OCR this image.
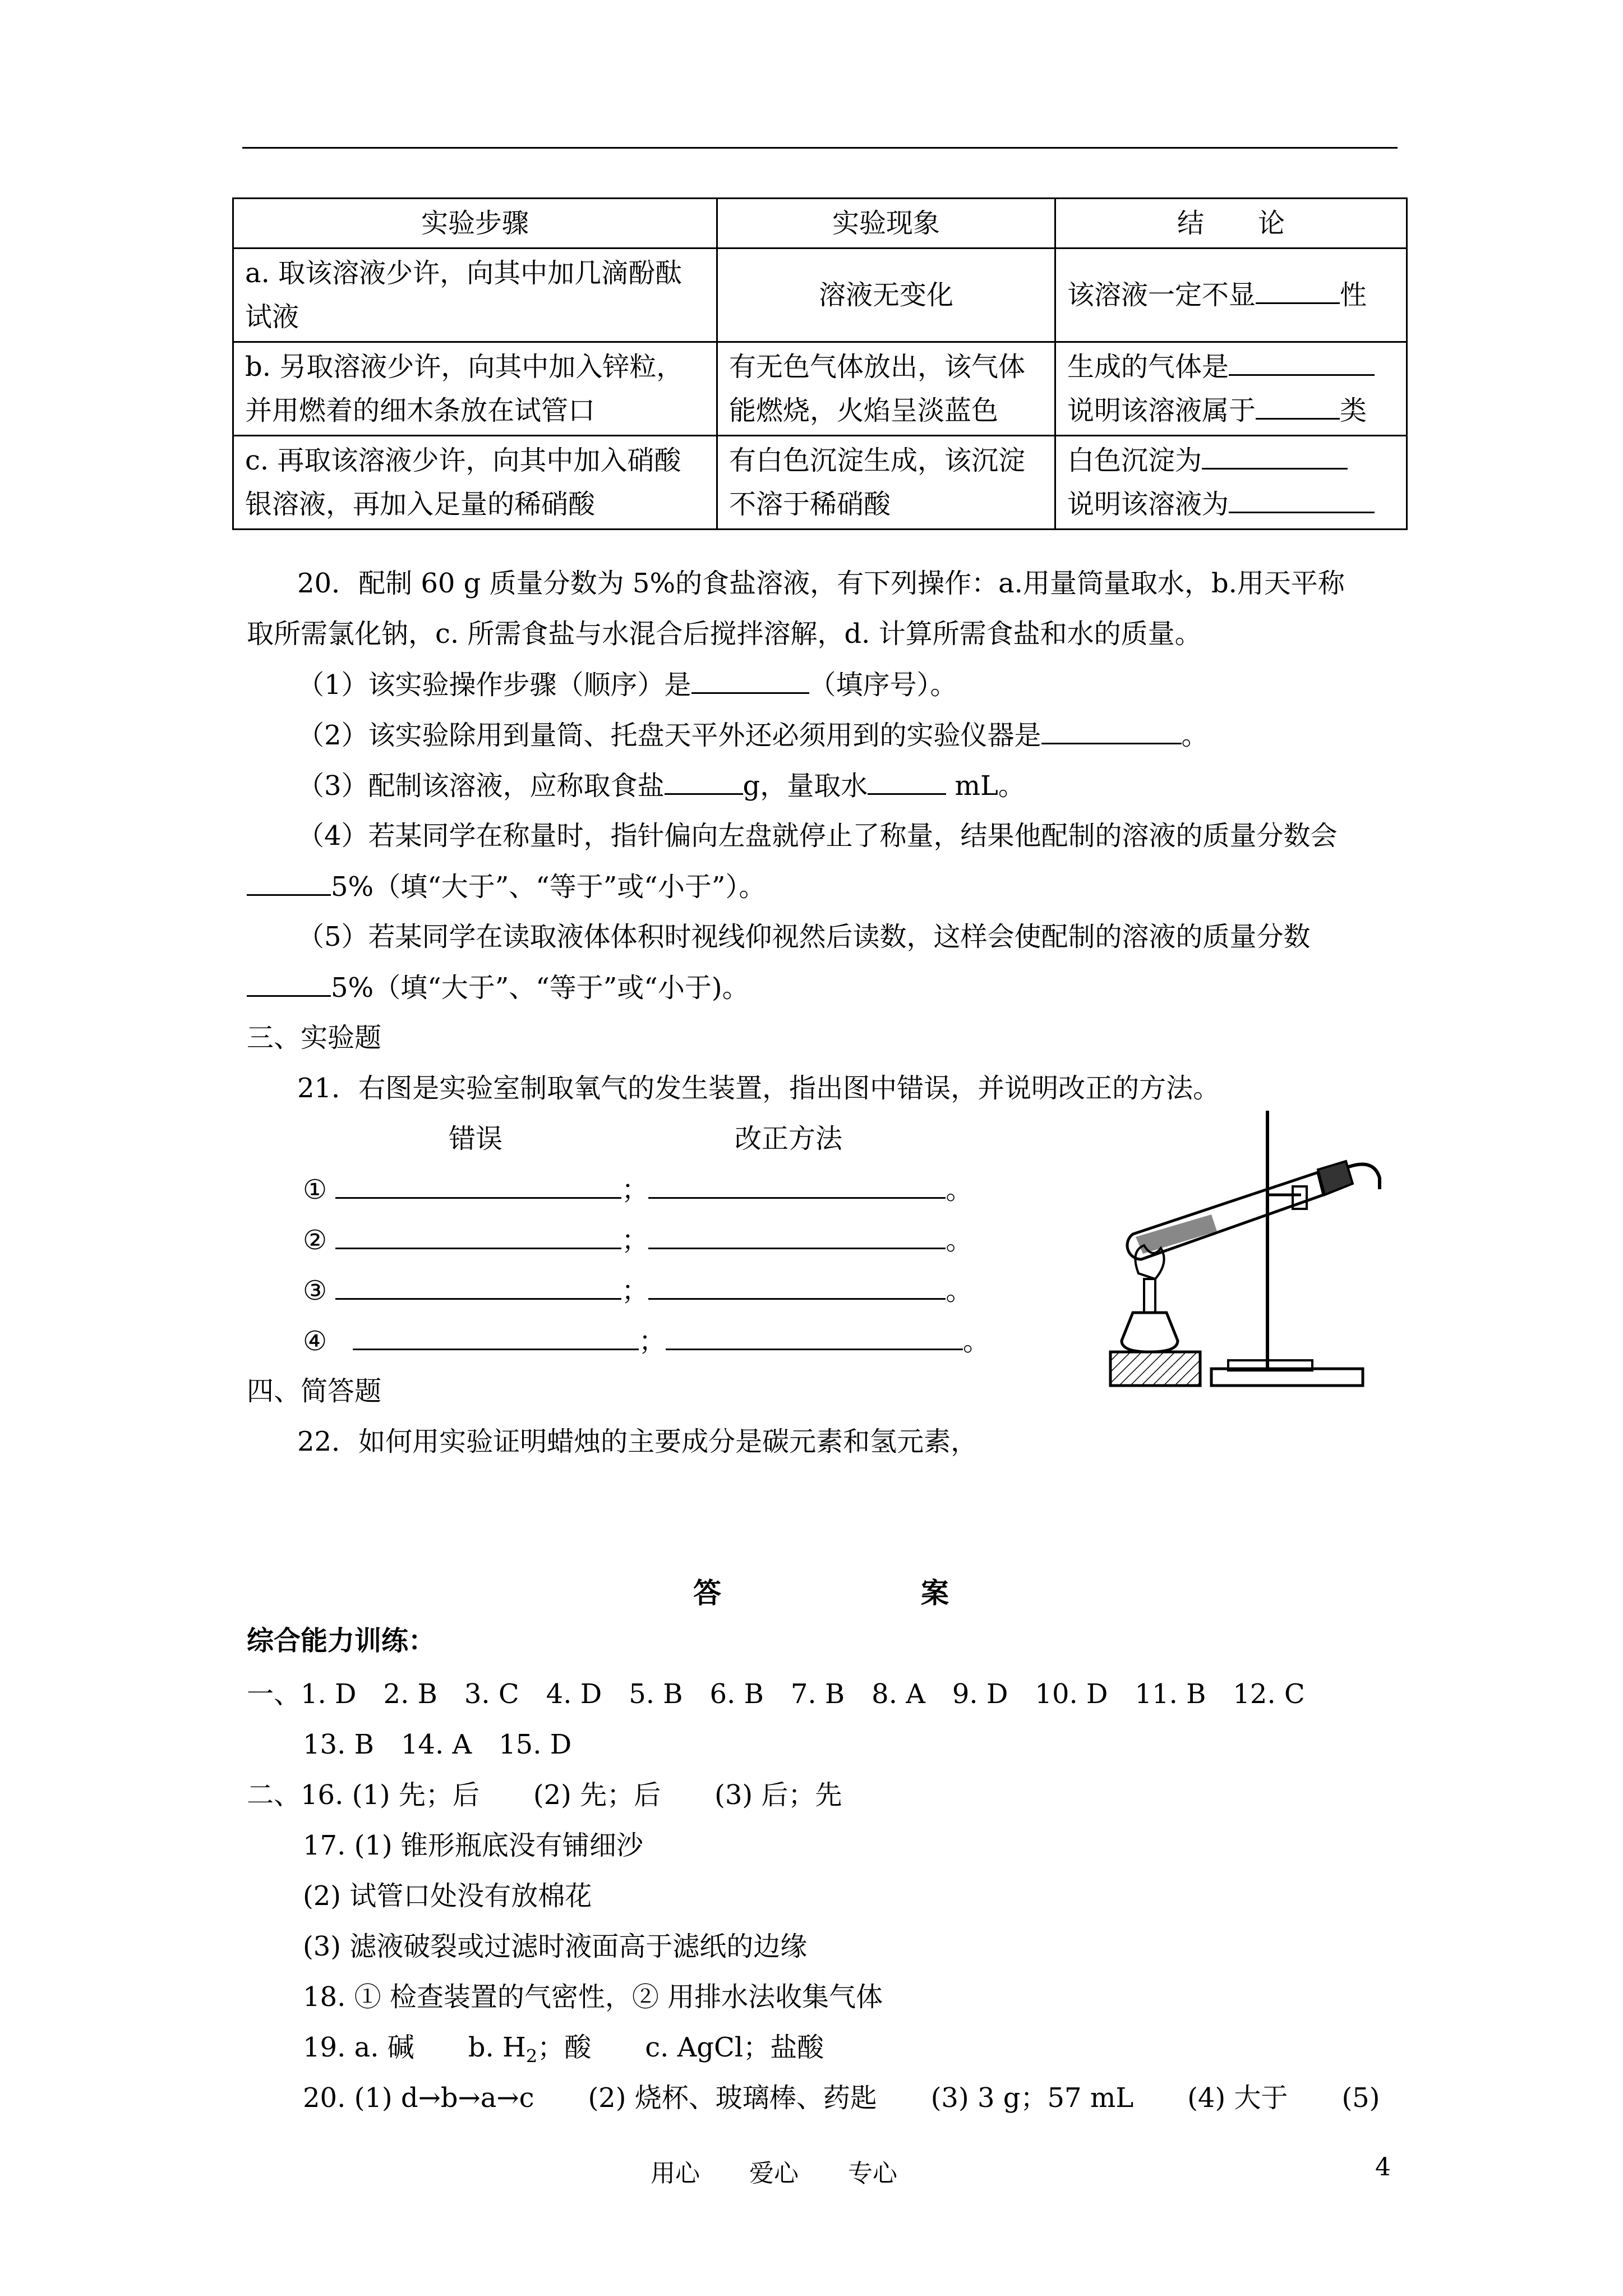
实验步骤	实验现象	结　　论
a. 取该溶液少许，向其中加几滴酚酞试液	溶液无变化	该溶液一定不显 性
b. 另取溶液少许，向其中加入锌粒，并用燃着的细木条放在试管口	有无色气体放出，该气体能燃烧，火焰呈淡蓝色	生成的气体是
说明该溶液属于 类

c. 再取该溶液少许，向其中加入硝酸银溶液，再加入足量的稀硝酸	有白色沉淀生成，该沉淀不溶于稀硝酸	白色沉淀为
说明该溶液为
20．配制 60 g 质量分数为 5%的食盐溶液，有下列操作：a.用量筒量取水，b.用天平称
取所需氯化钠，c. 所需食盐与水混合后搅拌溶解，d. 计算所需食盐和水的质量。
（1）该实验操作步骤（顺序）是	（填序号）。
（2）该实验除用到量筒、托盘天平外还必须用到的实验仪器是	。
（3）配制该溶液，应称取食盐	g，量取水	mL。
（4）若某同学在称量时，指针偏向左盘就停止了称量，结果他配制的溶液的质量分数会
5%（填“大于”、“等于”或“小于”）。
（5）若某同学在读取液体体积时视线仰视然后读数，这样会使配制的溶液的质量分数
5%（填“大于”、“等于”或“小于)。
三、实验题
21．右图是实验室制取氧气的发生装置，指出图中错误，并说明改正的方法。
错误	改正方法
①	；	。
②	；	。
③	；	。
④	；	。
四、简答题
22．如何用实验证明蜡烛的主要成分是碳元素和氢元素，
答	案
综合能力训练：
一、1. D　2. B　3. C　4. D　5. B　6. B　7. B　8. A　9. D　10. D　11. B　12. C
13. B　14. A　15. D
二、16. (1) 先；后　　(2) 先；后　　(3) 后；先
17. (1) 锥形瓶底没有铺细沙
(2) 试管口处没有放棉花
(3) 滤液破裂或过滤时液面高于滤纸的边缘
18. ① 检查装置的气密性，② 用排水法收集气体
19. a. 碱　　b. $H_2$；酸　　c. AgCl；盐酸
20. (1) d→b→a→c　　(2) 烧杯、玻璃棒、药匙　　(3) 3 g；57 mL　　(4) 大于　　(5)
用心　　爱心　　专心	4
